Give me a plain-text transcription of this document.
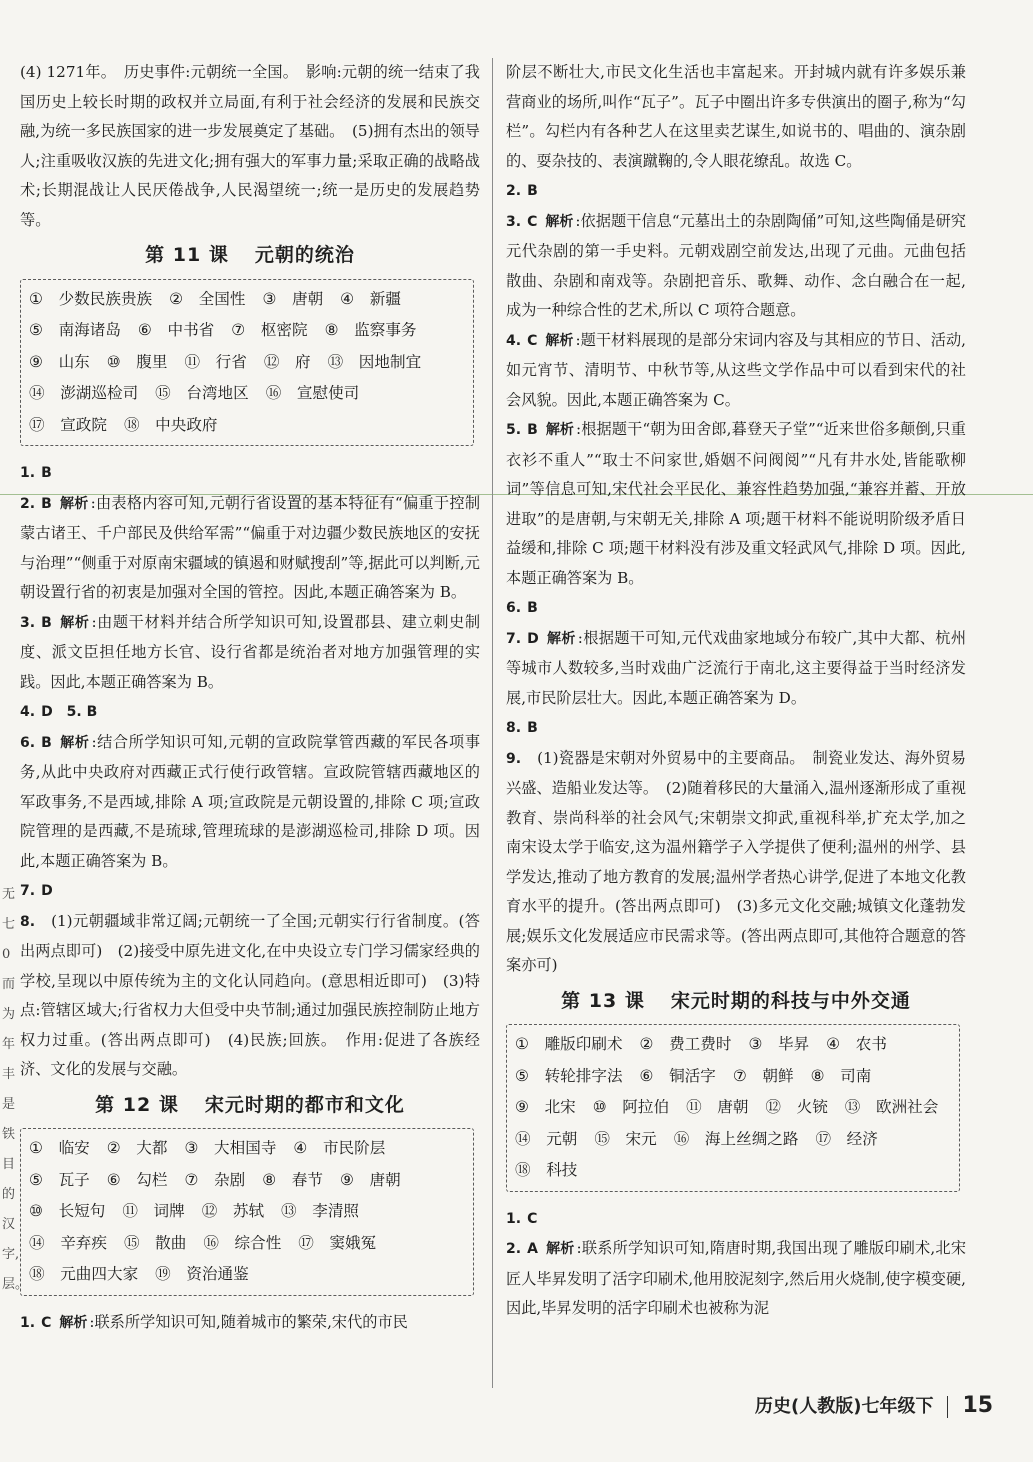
无
七
0
而
为
年
丰
是
铁
目
的
汉
字,
层。

(4) 1271年。　历史事件:元朝统一全国。　影响:元朝的统一结束了我国历史上较长时期的政权并立局面,有利于社会经济的发展和民族交融,为统一多民族国家的进一步发展奠定了基础。　(5)拥有杰出的领导人;注重吸收汉族的先进文化;拥有强大的军事力量;采取正确的战略战术;长期混战让人民厌倦战争,人民渴望统一;统一是历史的发展趋势等。

第 11 课 元朝的统治
①　少数民族贵族 ②　全国性 ③　唐朝 ④　新疆 ⑤　南海诸岛 ⑥　中书省 ⑦　枢密院 ⑧　监察事务 ⑨　山东 ⑩　腹里 ⑪　行省 ⑫　府 ⑬　因地制宜 ⑭　澎湖巡检司 ⑮　台湾地区 ⑯　宣慰使司 ⑰　宣政院 ⑱　中央政府

1. B

2. B 解析 :由表格内容可知,元朝行省设置的基本特征有“偏重于控制蒙古诸王、千户部民及供给军需”“偏重于对边疆少数民族地区的安抚与治理”“侧重于对原南宋疆域的镇遏和财赋搜刮”等,据此可以判断,元朝设置行省的初衷是加强对全国的管控。因此,本题正确答案为 B。

3. B 解析 :由题干材料并结合所学知识可知,设置郡县、建立刺史制度、派文臣担任地方长官、设行省都是统治者对地方加强管理的实践。因此,本题正确答案为 B。

4. D　5. B

6. B 解析 :结合所学知识可知,元朝的宣政院掌管西藏的军民各项事务,从此中央政府对西藏正式行使行政管辖。宣政院管辖西藏地区的军政事务,不是西域,排除 A 项;宣政院是元朝设置的,排除 C 项;宣政院管理的是西藏,不是琉球,管理琉球的是澎湖巡检司,排除 D 项。因此,本题正确答案为 B。

7. D

8. (1)元朝疆域非常辽阔;元朝统一了全国;元朝实行行省制度。(答出两点即可)　(2)接受中原先进文化,在中央设立专门学习儒家经典的学校,呈现以中原传统为主的文化认同趋向。(意思相近即可)　(3)特点:管辖区域大;行省权力大但受中央节制;通过加强民族控制防止地方权力过重。(答出两点即可)　(4)民族;回族。　作用:促进了各族经济、文化的发展与交融。

第 12 课 宋元时期的都市和文化
①　临安 ②　大都 ③　大相国寺 ④　市民阶层 ⑤　瓦子 ⑥　勾栏 ⑦　杂剧 ⑧　春节 ⑨　唐朝 ⑩　长短句 ⑪　词牌 ⑫　苏轼 ⑬　李清照 ⑭　辛弃疾 ⑮　散曲 ⑯　综合性 ⑰　窦娥冤 ⑱　元曲四大家 ⑲　资治通鉴

1. C 解析 :联系所学知识可知,随着城市的繁荣,宋代的市民

阶层不断壮大,市民文化生活也丰富起来。开封城内就有许多娱乐兼营商业的场所,叫作“瓦子”。瓦子中圈出许多专供演出的圈子,称为“勾栏”。勾栏内有各种艺人在这里卖艺谋生,如说书的、唱曲的、演杂剧的、耍杂技的、表演蹴鞠的,令人眼花缭乱。故选 C。

2. B

3. C 解析 :依据题干信息“元墓出土的杂剧陶俑”可知,这些陶俑是研究元代杂剧的第一手史料。元朝戏剧空前发达,出现了元曲。元曲包括散曲、杂剧和南戏等。杂剧把音乐、歌舞、动作、念白融合在一起,成为一种综合性的艺术,所以 C 项符合题意。

4. C 解析 :题干材料展现的是部分宋词内容及与其相应的节日、活动,如元宵节、清明节、中秋节等,从这些文学作品中可以看到宋代的社会风貌。因此,本题正确答案为 C。

5. B 解析 :根据题干“朝为田舍郎,暮登天子堂”“近来世俗多颠倒,只重衣衫不重人”“取士不问家世,婚姻不问阀阅”“凡有井水处,皆能歌柳词”等信息可知,宋代社会平民化、兼容性趋势加强,“兼容并蓄、开放进取”的是唐朝,与宋朝无关,排除 A 项;题干材料不能说明阶级矛盾日益缓和,排除 C 项;题干材料没有涉及重文轻武风气,排除 D 项。因此,本题正确答案为 B。

6. B

7. D 解析 :根据题干可知,元代戏曲家地域分布较广,其中大都、杭州等城市人数较多,当时戏曲广泛流行于南北,这主要得益于当时经济发展,市民阶层壮大。因此,本题正确答案为 D。

8. B

9. (1)瓷器是宋朝对外贸易中的主要商品。　制瓷业发达、海外贸易兴盛、造船业发达等。　(2)随着移民的大量涌入,温州逐渐形成了重视教育、崇尚科举的社会风气;宋朝崇文抑武,重视科举,扩充太学,加之南宋设太学于临安,这为温州籍学子入学提供了便利;温州的州学、县学发达,推动了地方教育的发展;温州学者热心讲学,促进了本地文化教育水平的提升。(答出两点即可)　(3)多元文化交融;城镇文化蓬勃发展;娱乐文化发展适应市民需求等。(答出两点即可,其他符合题意的答案亦可)

第 13 课 宋元时期的科技与中外交通
①　雕版印刷术 ②　费工费时 ③　毕昇 ④　农书 ⑤　转轮排字法 ⑥　铜活字 ⑦　朝鲜 ⑧　司南 ⑨　北宋 ⑩　阿拉伯 ⑪　唐朝 ⑫　火铳 ⑬　欧洲社会 ⑭　元朝 ⑮　宋元 ⑯　海上丝绸之路 ⑰　经济 ⑱　科技

1. C

2. A 解析 :联系所学知识可知,隋唐时期,我国出现了雕版印刷术,北宋匠人毕昇发明了活字印刷术,他用胶泥刻字,然后用火烧制,使字模变硬,因此,毕昇发明的活字印刷术也被称为泥

历史(人教版)七年级下 15
